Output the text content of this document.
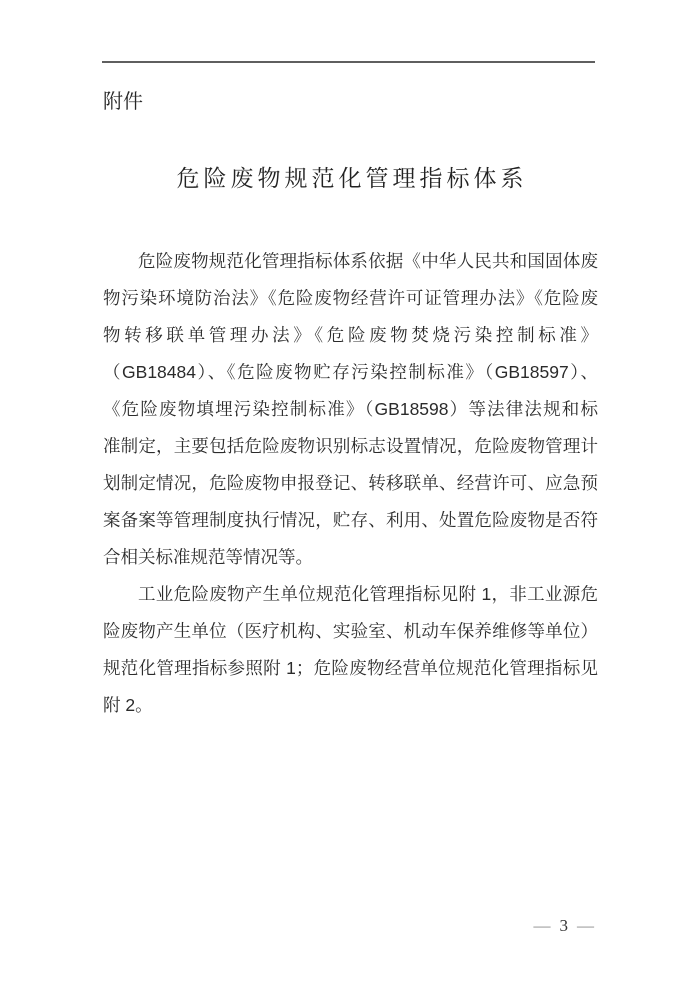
附件
危险废物规范化管理指标体系
危险废物规范化管理指标体系依据《中华人民共和国固体废
物污染环境防治法》《危险废物经营许可证管理办法》《危险废
物转移联单管理办法》《危险废物焚烧污染控制标准》
（GB18484）、《危险废物贮存污染控制标准》（GB18597）、
《危险废物填埋污染控制标准》（GB18598）等法律法规和标
准制定，主要包括危险废物识别标志设置情况，危险废物管理计
划制定情况，危险废物申报登记、转移联单、经营许可、应急预
案备案等管理制度执行情况，贮存、利用、处置危险废物是否符
合相关标准规范等情况等。
工业危险废物产生单位规范化管理指标见附 1，非工业源危
险废物产生单位（医疗机构、实验室、机动车保养维修等单位）
规范化管理指标参照附 1；危险废物经营单位规范化管理指标见
附 2。
— 3 —
